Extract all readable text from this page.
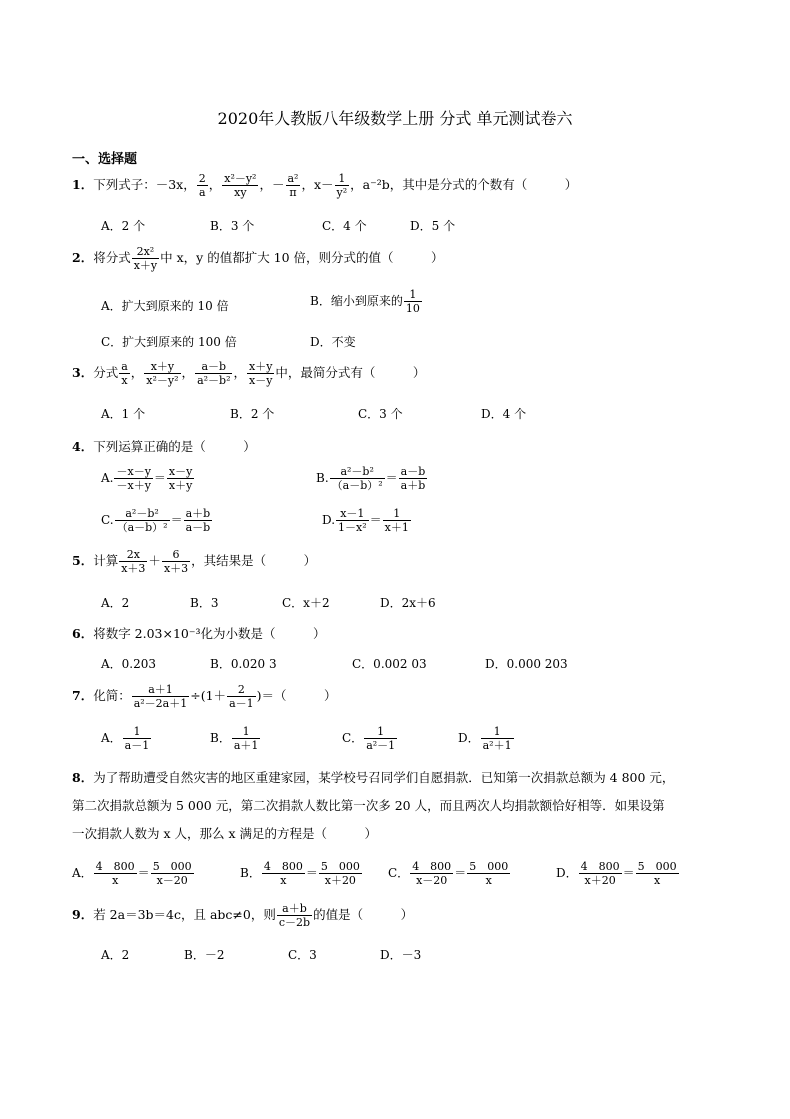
2020年人教版八年级数学上册 分式 单元测试卷六
一、选择题
1．下列式子：－3x， $\frac{2}{a}$ ， $\frac{\text{x²－y²}}{xy}$ ，－ $\frac{\text{a²}}{\pi}$ ，$x- \frac{1}{\text{y²}}$ ，a⁻²b，其中是分式的个数有（　　　）
A．2 个	B．3 个	C．4 个	D．5 个
2．将分式 $\frac{\text{2x²}}{x+y}$ 中 x，y 的值都扩大 10 倍，则分式的值（　　　）
A．扩大到原来的 10 倍	B．缩小到原来的 $\frac{1}{10}$
C．扩大到原来的 100 倍	D．不变
3．分式 $\frac{a}{x}$ ， $\frac{x+y}{\text{x²－y²}}$ ， $\frac{a-b}{\text{a²－b²}}$ ， $\frac{x+y}{x-y}$ 中，最简分式有（　　　）
A．1 个	B．2 个	C．3 个	D．4 个
4．下列运算正确的是（　　　）
A. $\frac{-x-y}{-x+y} = \frac{x-y}{x+y}$	B. $\frac{\text{a²－b²}}{\text{（a－b）²}} = \frac{a-b}{a+b}$
C. $\frac{\text{a²－b²}}{\text{（a－b）²}} = \frac{a+b}{a-b}$	D. $\frac{x-1}{\text{1－x²}} = \frac{1}{x+1}$
5．计算 $\frac{2x}{x+3} + \frac{6}{x+3}$ ，其结果是（　　　）
A．2	B．3	C．x＋2	D．2x＋6
6．将数字 2.03×10⁻³化为小数是（　　　）
A．0.203	B．0.020 3	C．0.002 03	D．0.000 203
7．化简： $\frac{a+1}{\text{a²－2a＋1}} \div(1+ \frac{2}{a-1}$ )＝（　　　）
A． $\frac{1}{a-1}$	B． $\frac{1}{a+1}$	C． $\frac{1}{\text{a²－1}}$	D． $\frac{1}{\text{a²＋1}}$
8．为了帮助遭受自然灾害的地区重建家园，某学校号召同学们自愿捐款．已知第一次捐款总额为 4 800 元，
第二次捐款总额为 5 000 元，第二次捐款人数比第一次多 20 人，而且两次人均捐款额恰好相等．如果设第
一次捐款人数为 x 人，那么 x 满足的方程是（　　　）
A． $\frac{4 800}{x} = \frac{5 000}{x-20}$	B． $\frac{4 800}{x} = \frac{5 000}{x+20}$ C． $\frac{4 800}{x-20} = \frac{5 000}{x}$	D． $\frac{4 800}{x+20} = \frac{5 000}{x}$
9．若 2a＝3b＝4c，且 abc≠0，则 $\frac{a+b}{c-2b}$ 的值是（　　　）
A．2	B．－2	C．3	D．－3
